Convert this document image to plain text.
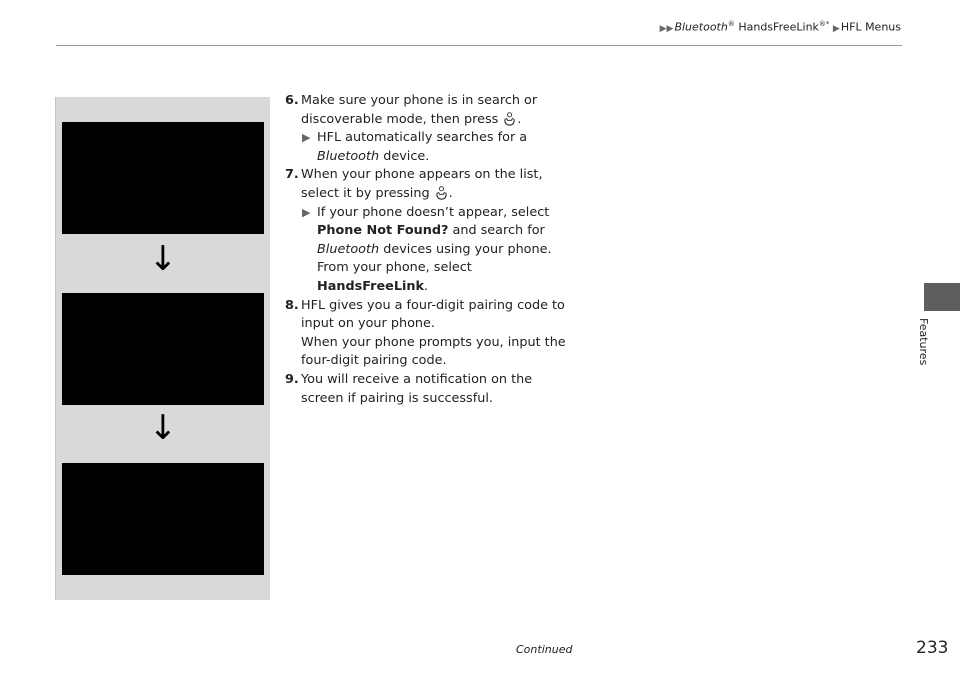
▶▶Bluetooth® HandsFreeLink®* ▶HFL Menus
Features
↓
↓
6. Make sure your phone is in search or discoverable mode, then press .
▶ HFL automatically searches for a Bluetooth device.
7. When your phone appears on the list, select it by pressing .
▶ If your phone doesn’t appear, select Phone Not Found? and search for Bluetooth devices using your phone. From your phone, select HandsFreeLink.
8. HFL gives you a four-digit pairing code to input on your phone.
When your phone prompts you, input the four-digit pairing code.
9. You will receive a notification on the screen if pairing is successful.
Continued	233
